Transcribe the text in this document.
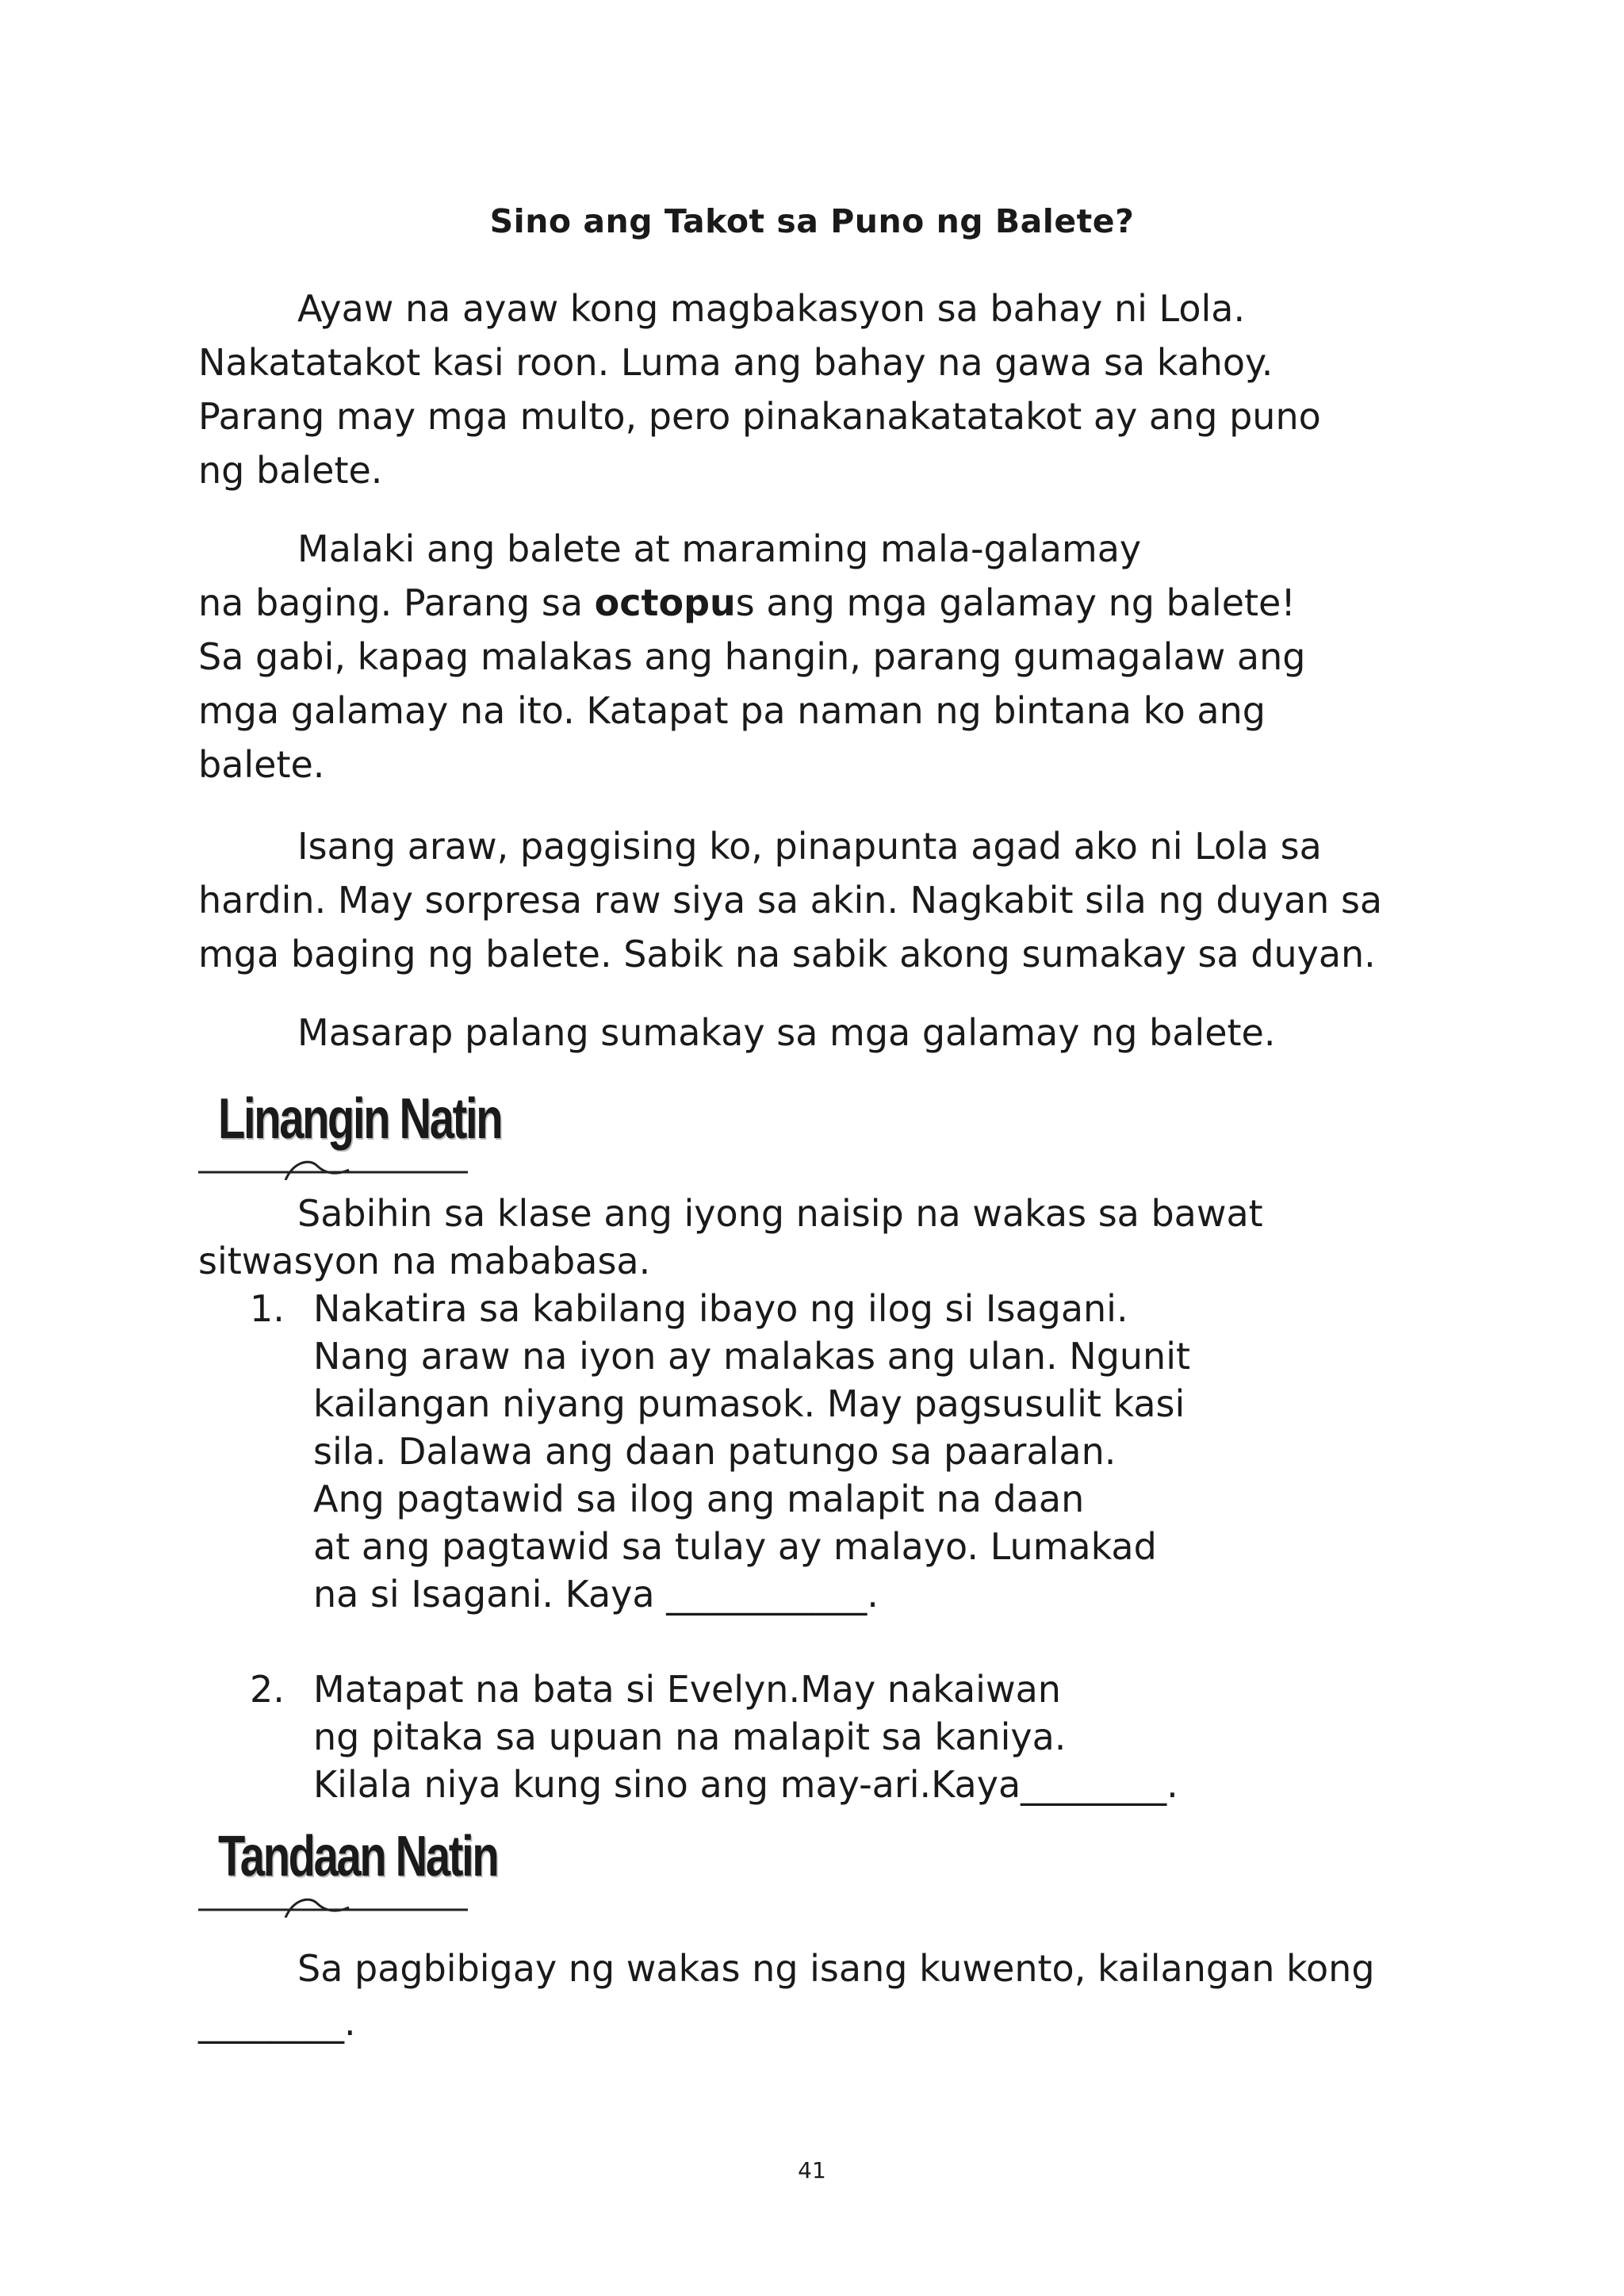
Sino ang Takot sa Puno ng Balete?
Ayaw na ayaw kong magbakasyon sa bahay ni Lola.
Nakatatakot kasi roon. Luma ang bahay na gawa sa kahoy.
Parang may mga multo, pero pinakanakatatakot ay ang puno
ng balete.
Malaki ang balete at maraming mala-galamay
na baging. Parang sa octopus ang mga galamay ng balete!
Sa gabi, kapag malakas ang hangin, parang gumagalaw ang
mga galamay na ito. Katapat pa naman ng bintana ko ang
balete.
Isang araw, paggising ko, pinapunta agad ako ni Lola sa
hardin. May sorpresa raw siya sa akin. Nagkabit sila ng duyan sa
mga baging ng balete. Sabik na sabik akong sumakay sa duyan.
Masarap palang sumakay sa mga galamay ng balete.
Linangin Natin
Sabihin sa klase ang iyong naisip na wakas sa bawat
sitwasyon na mababasa.
1. Nakatira sa kabilang ibayo ng ilog si Isagani.
Nang araw na iyon ay malakas ang ulan. Ngunit
kailangan niyang pumasok. May pagsusulit kasi
sila. Dalawa ang daan patungo sa paaralan.
Ang pagtawid sa ilog ang malapit na daan
at ang pagtawid sa tulay ay malayo. Lumakad
na si Isagani. Kaya ___________.
2. Matapat na bata si Evelyn.May nakaiwan
ng pitaka sa upuan na malapit sa kaniya.
Kilala niya kung sino ang may-ari.Kaya________.
Tandaan Natin
Sa pagbibigay ng wakas ng isang kuwento, kailangan kong
________.
41
